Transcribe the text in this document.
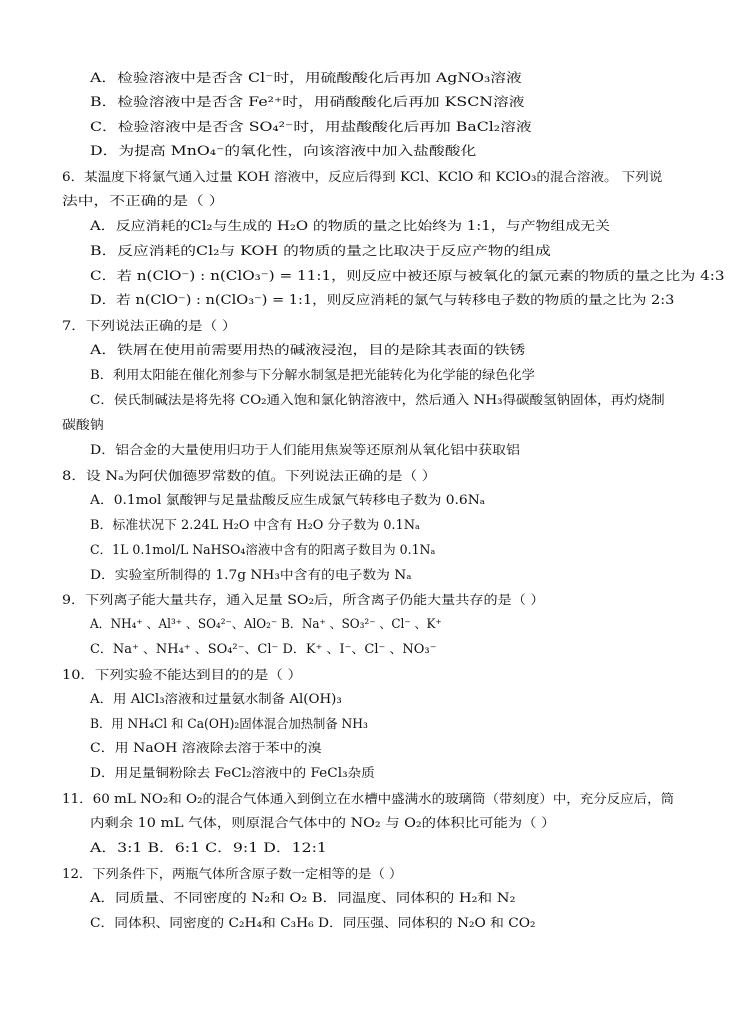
A．检验溶液中是否含 Cl⁻时，用硫酸酸化后再加 AgNO₃溶液
B．检验溶液中是否含 Fe²⁺时，用硝酸酸化后再加 KSCN溶液
C．检验溶液中是否含 SO₄²⁻时，用盐酸酸化后再加 BaCl₂溶液
D．为提高 MnO₄⁻的氧化性，向该溶液中加入盐酸酸化
6．某温度下将氯气通入过量 KOH 溶液中，反应后得到 KCl、KClO 和 KClO₃的混合溶液。 下列说
法中，不正确的是（ ）
A．反应消耗的Cl₂与生成的 H₂O 的物质的量之比始终为 1:1，与产物组成无关
B．反应消耗的Cl₂与 KOH 的物质的量之比取决于反应产物的组成
C．若 n(ClO⁻) : n(ClO₃⁻) = 11:1，则反应中被还原与被氧化的氯元素的物质的量之比为 4:3
D．若 n(ClO⁻) : n(ClO₃⁻) = 1:1，则反应消耗的氯气与转移电子数的物质的量之比为 2:3
7．下列说法正确的是（ ）
A．铁屑在使用前需要用热的碱液浸泡，目的是除其表面的铁锈
B．利用太阳能在催化剂参与下分解水制氢是把光能转化为化学能的绿色化学
C．侯氏制碱法是将先将 CO₂通入饱和氯化钠溶液中，然后通入 NH₃得碳酸氢钠固体，再灼烧制
碳酸钠
D．铝合金的大量使用归功于人们能用焦炭等还原剂从氧化铝中获取铝
8．设 Nₐ为阿伏伽德罗常数的值。下列说法正确的是（ ）
A．0.1mol 氯酸钾与足量盐酸反应生成氯气转移电子数为 0.6Nₐ
B．标准状况下 2.24L H₂O 中含有 H₂O 分子数为 0.1Nₐ
C．1L 0.1mol/L NaHSO₄溶液中含有的阳离子数目为 0.1Nₐ
D．实验室所制得的 1.7g NH₃中含有的电子数为 Nₐ
9．下列离子能大量共存，通入足量 SO₂后，所含离子仍能大量共存的是（ ）
A．NH₄⁺ 、Al³⁺ 、SO₄²⁻、AlO₂⁻ B．Na⁺ 、SO₃²⁻ 、Cl⁻ 、K⁺
C．Na⁺ 、NH₄⁺ 、SO₄²⁻、Cl⁻ D．K⁺ 、I⁻、Cl⁻ 、NO₃⁻
10．下列实验不能达到目的的是（ ）
A．用 AlCl₃溶液和过量氨水制备 Al(OH)₃
B．用 NH₄Cl 和 Ca(OH)₂固体混合加热制备 NH₃
C．用 NaOH 溶液除去溶于苯中的溴
D．用足量铜粉除去 FeCl₂溶液中的 FeCl₃杂质
11．60 mL NO₂和 O₂的混合气体通入到倒立在水槽中盛满水的玻璃筒（带刻度）中，充分反应后，筒
内剩余 10 mL 气体，则原混合气体中的 NO₂ 与 O₂的体积比可能为（ ）
A．3:1 B．6:1 C．9:1 D．12:1
12．下列条件下，两瓶气体所含原子数一定相等的是（ ）
A．同质量、不同密度的 N₂和 O₂ B．同温度、同体积的 H₂和 N₂
C．同体积、同密度的 C₂H₄和 C₃H₆ D．同压强、同体积的 N₂O 和 CO₂
